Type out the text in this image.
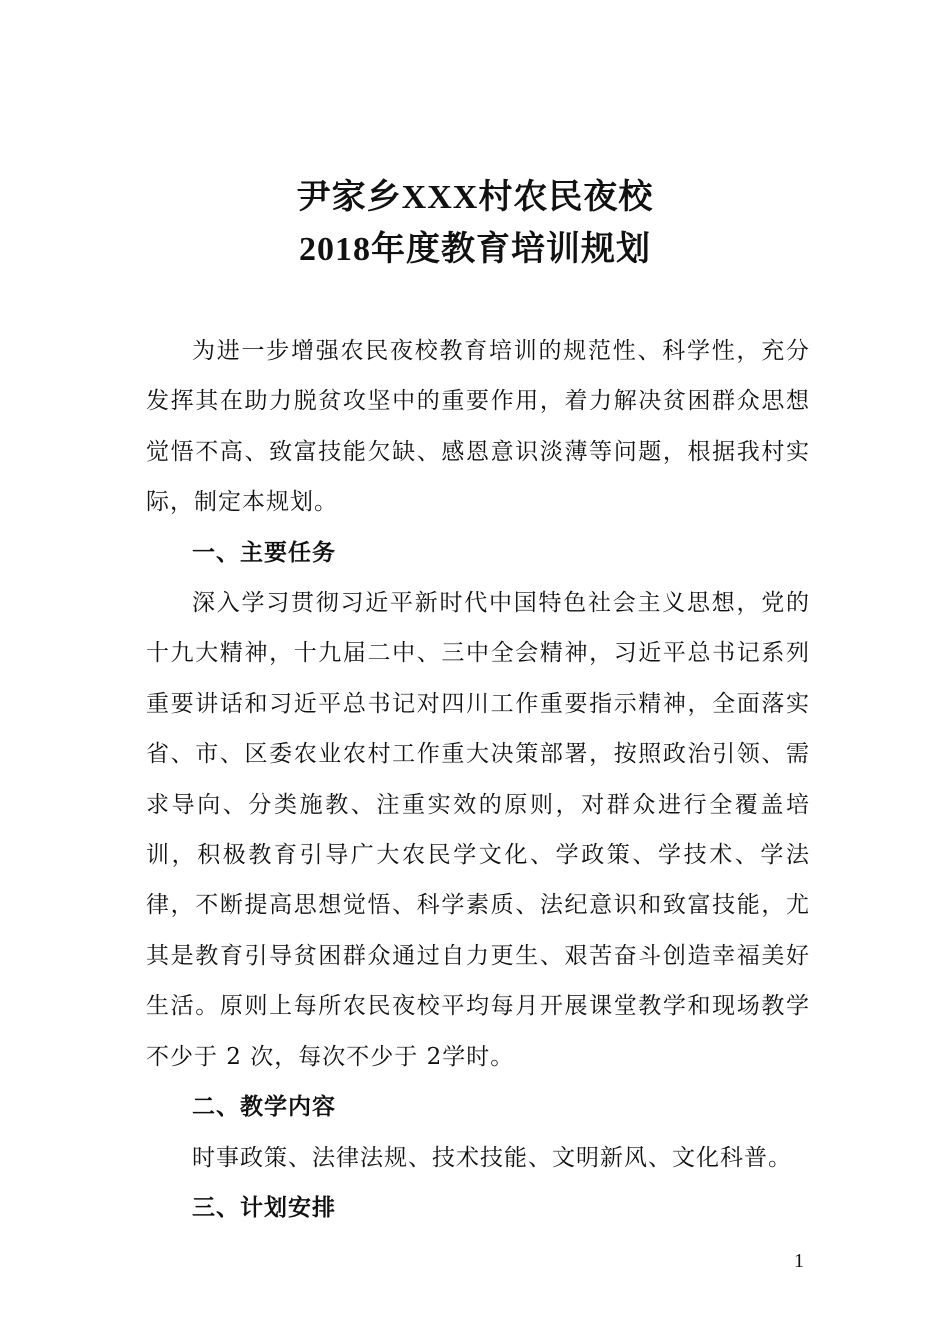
尹家乡XXX村农民夜校
2018年度教育培训规划

为进一步增强农民夜校教育培训的规范性、科学性，充分发挥其在助力脱贫攻坚中的重要作用，着力解决贫困群众思想觉悟不高、致富技能欠缺、感恩意识淡薄等问题，根据我村实际，制定本规划。

一、主要任务

深入学习贯彻习近平新时代中国特色社会主义思想，党的十九大精神，十九届二中、三中全会精神，习近平总书记系列重要讲话和习近平总书记对四川工作重要指示精神，全面落实省、市、区委农业农村工作重大决策部署，按照政治引领、需求导向、分类施教、注重实效的原则，对群众进行全覆盖培训，积极教育引导广大农民学文化、学政策、学技术、学法律，不断提高思想觉悟、科学素质、法纪意识和致富技能，尤其是教育引导贫困群众通过自力更生、艰苦奋斗创造幸福美好生活。原则上每所农民夜校平均每月开展课堂教学和现场教学不少于 2 次，每次不少于 2学时。

二、教学内容

时事政策、法律法规、技术技能、文明新风、文化科普。

三、计划安排

1
